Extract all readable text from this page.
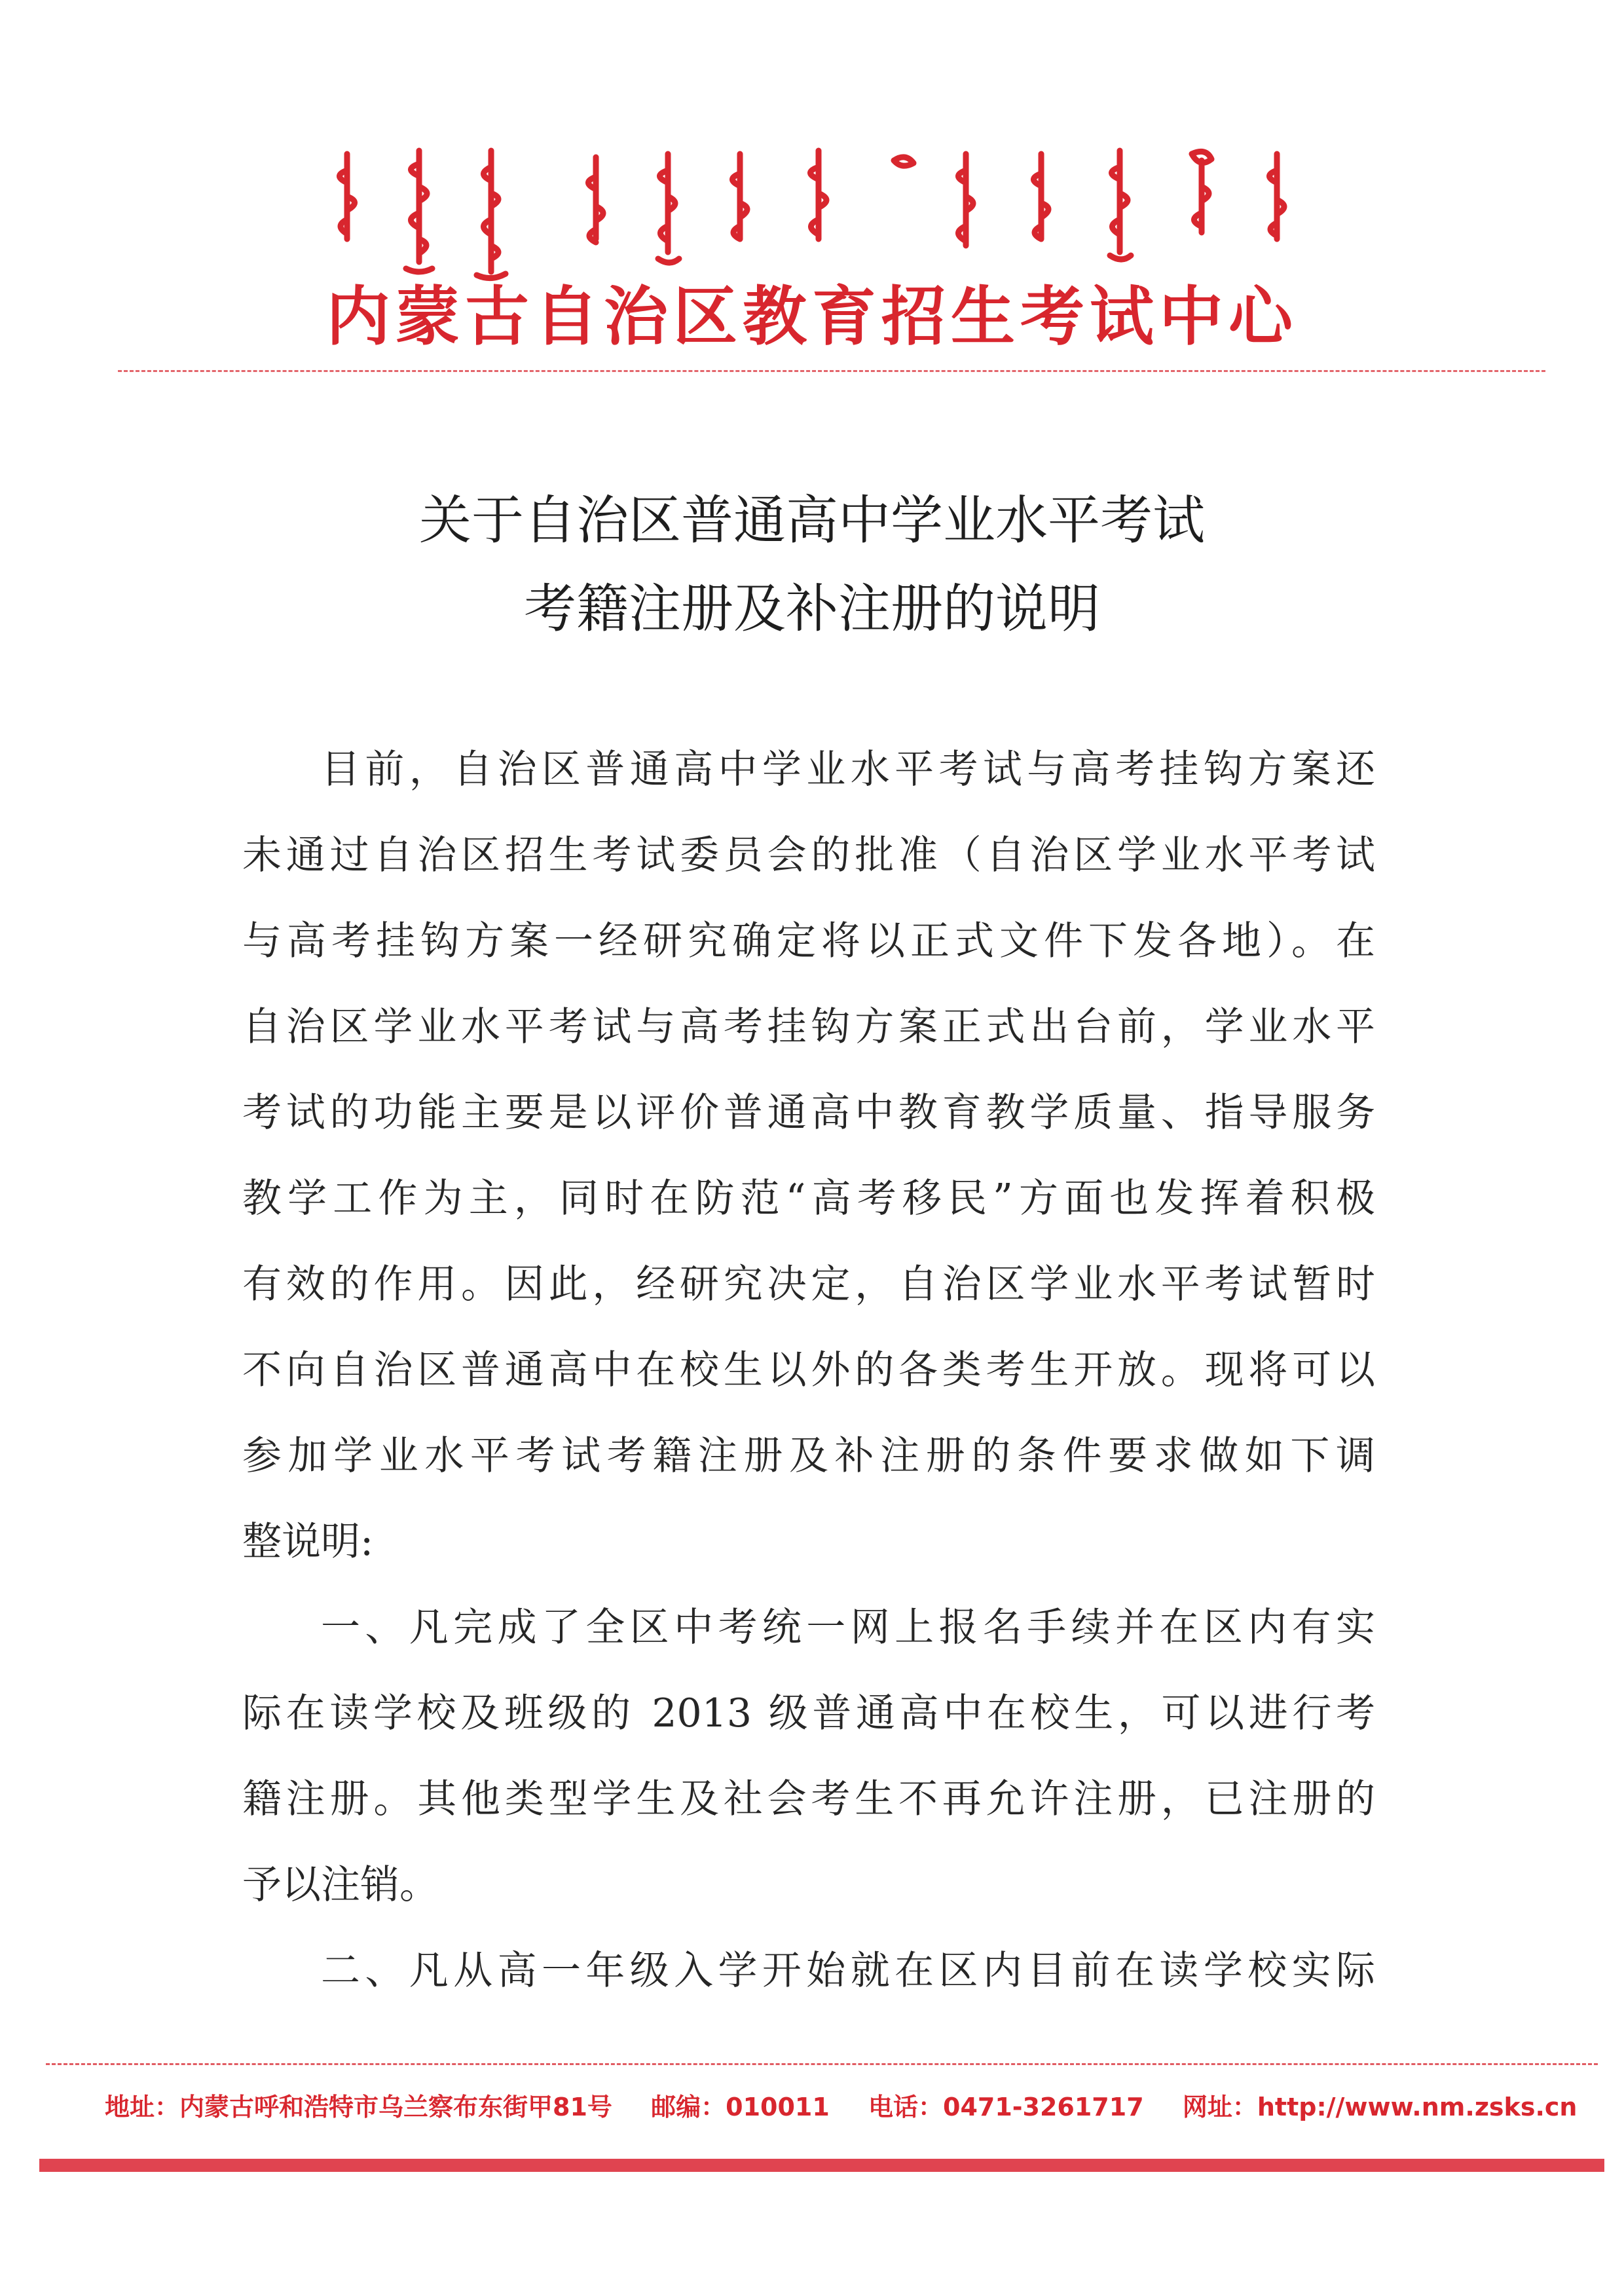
内蒙古自治区教育招生考试中心
关于自治区普通高中学业水平考试
考籍注册及补注册的说明
目前，自治区普通高中学业水平考试与高考挂钩方案还
未通过自治区招生考试委员会的批准（自治区学业水平考试
与高考挂钩方案一经研究确定将以正式文件下发各地）。在
自治区学业水平考试与高考挂钩方案正式出台前，学业水平
考试的功能主要是以评价普通高中教育教学质量、指导服务
教学工作为主，同时在防范“高考移民”方面也发挥着积极
有效的作用。因此，经研究决定，自治区学业水平考试暂时
不向自治区普通高中在校生以外的各类考生开放。现将可以
参加学业水平考试考籍注册及补注册的条件要求做如下调
整说明:
一、凡完成了全区中考统一网上报名手续并在区内有实
际在读学校及班级的 2013 级普通高中在校生，可以进行考
籍注册。其他类型学生及社会考生不再允许注册，已注册的
予以注销。
二、凡从高一年级入学开始就在区内目前在读学校实际
地址：内蒙古呼和浩特市乌兰察布东街甲81号 邮编：010011 电话：0471-3261717 网址：http://www.nm.zsks.cn
